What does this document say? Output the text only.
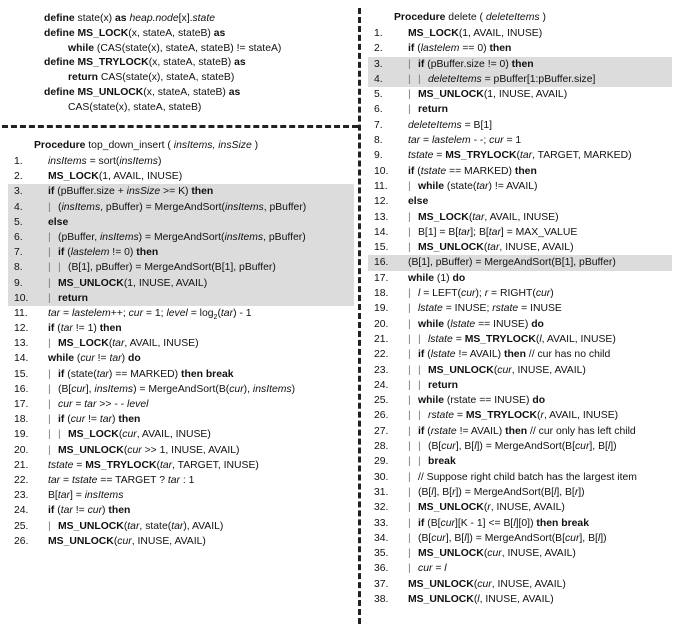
define state(x) as heap.node[x].state
define MS_LOCK(x, stateA, stateB) as
while (CAS(state(x), stateA, stateB) != stateA)
define MS_TRYLOCK(x, stateA, stateB) as
return CAS(state(x), stateA, stateB)
define MS_UNLOCK(x, stateA, stateB) as
CAS(state(x), stateA, stateB)
Procedure top_down_insert ( insItems, insSize )
1.	insItems = sort(insItems)
2.	MS_LOCK(1, AVAIL, INUSE)
3.	if (pBuffer.size + insSize >= K) then
4.	| (insItems, pBuffer) = MergeAndSort(insItems, pBuffer)
5.	else
6.	| (pBuffer, insItems) = MergeAndSort(insItems, pBuffer)
7.	| if (lastelem != 0) then
8.	| | (B[1], pBuffer) = MergeAndSort(B[1], pBuffer)
9.	| MS_UNLOCK(1, INUSE, AVAIL)
10.	| return
11.	tar = lastelem++; cur = 1; level = $\log_2(tar) - 1$
12.	if (tar != 1) then
13.	| MS_LOCK(tar, AVAIL, INUSE)
14.	while (cur != tar) do
15.	| if (state(tar) == MARKED) then break
16.	| (B[cur], insItems) = MergeAndSort(B(cur), insItems)
17.	| cur = tar >> - - level
18.	| if (cur != tar) then
19.	| | MS_LOCK(cur, AVAIL, INUSE)
20.	| MS_UNLOCK(cur >> 1, INUSE, AVAIL)
21.	tstate = MS_TRYLOCK(tar, TARGET, INUSE)
22.	tar = tstate == TARGET ? tar : 1
23.	B[tar] = insItems
24.	if (tar != cur) then
25.	| MS_UNLOCK(tar, state(tar), AVAIL)
26.	MS_UNLOCK(cur, INUSE, AVAIL)
Procedure delete ( deleteItems )
1.	MS_LOCK(1, AVAIL, INUSE)
2.	if (lastelem == 0) then
3.	| if (pBuffer.size != 0) then
4.	| | deleteItems = pBuffer[1:pBuffer.size]
5.	| MS_UNLOCK(1, INUSE, AVAIL)
6.	| return
7.	deleteItems = B[1]
8.	tar = lastelem - -; cur = 1
9.	tstate = MS_TRYLOCK(tar, TARGET, MARKED)
10.	if (tstate == MARKED) then
11.	| while (state(tar) != AVAIL)
12.	else
13.	| MS_LOCK(tar, AVAIL, INUSE)
14.	| B[1] = B[tar]; B[tar] = MAX_VALUE
15.	| MS_UNLOCK(tar, INUSE, AVAIL)
16.	(B[1], pBuffer) = MergeAndSort(B[1], pBuffer)
17.	while (1) do
18.	| l = LEFT(cur); r = RIGHT(cur)
19.	| lstate = INUSE; rstate = INUSE
20.	| while (lstate == INUSE) do
21.	| | lstate = MS_TRYLOCK(l, AVAIL, INUSE)
22.	| if (lstate != AVAIL) then // cur has no child
23.	| | MS_UNLOCK(cur, INUSE, AVAIL)
24.	| | return
25.	| while (rstate == INUSE) do
26.	| | rstate = MS_TRYLOCK(r, AVAIL, INUSE)
27.	| if (rstate != AVAIL) then // cur only has left child
28.	| | (B[cur], B[l]) = MergeAndSort(B[cur], B[l])
29.	| | break
30.	| // Suppose right child batch has the largest item
31.	| (B[l], B[r]) = MergeAndSort(B[l], B[r])
32.	| MS_UNLOCK(r, INUSE, AVAIL)
33.	| if (B[cur][K - 1] <= B[l][0]) then break
34.	| (B[cur], B[l]) = MergeAndSort(B[cur], B[l])
35.	| MS_UNLOCK(cur, INUSE, AVAIL)
36.	| cur = l
37.	MS_UNLOCK(cur, INUSE, AVAIL)
38.	MS_UNLOCK(l, INUSE, AVAIL)
